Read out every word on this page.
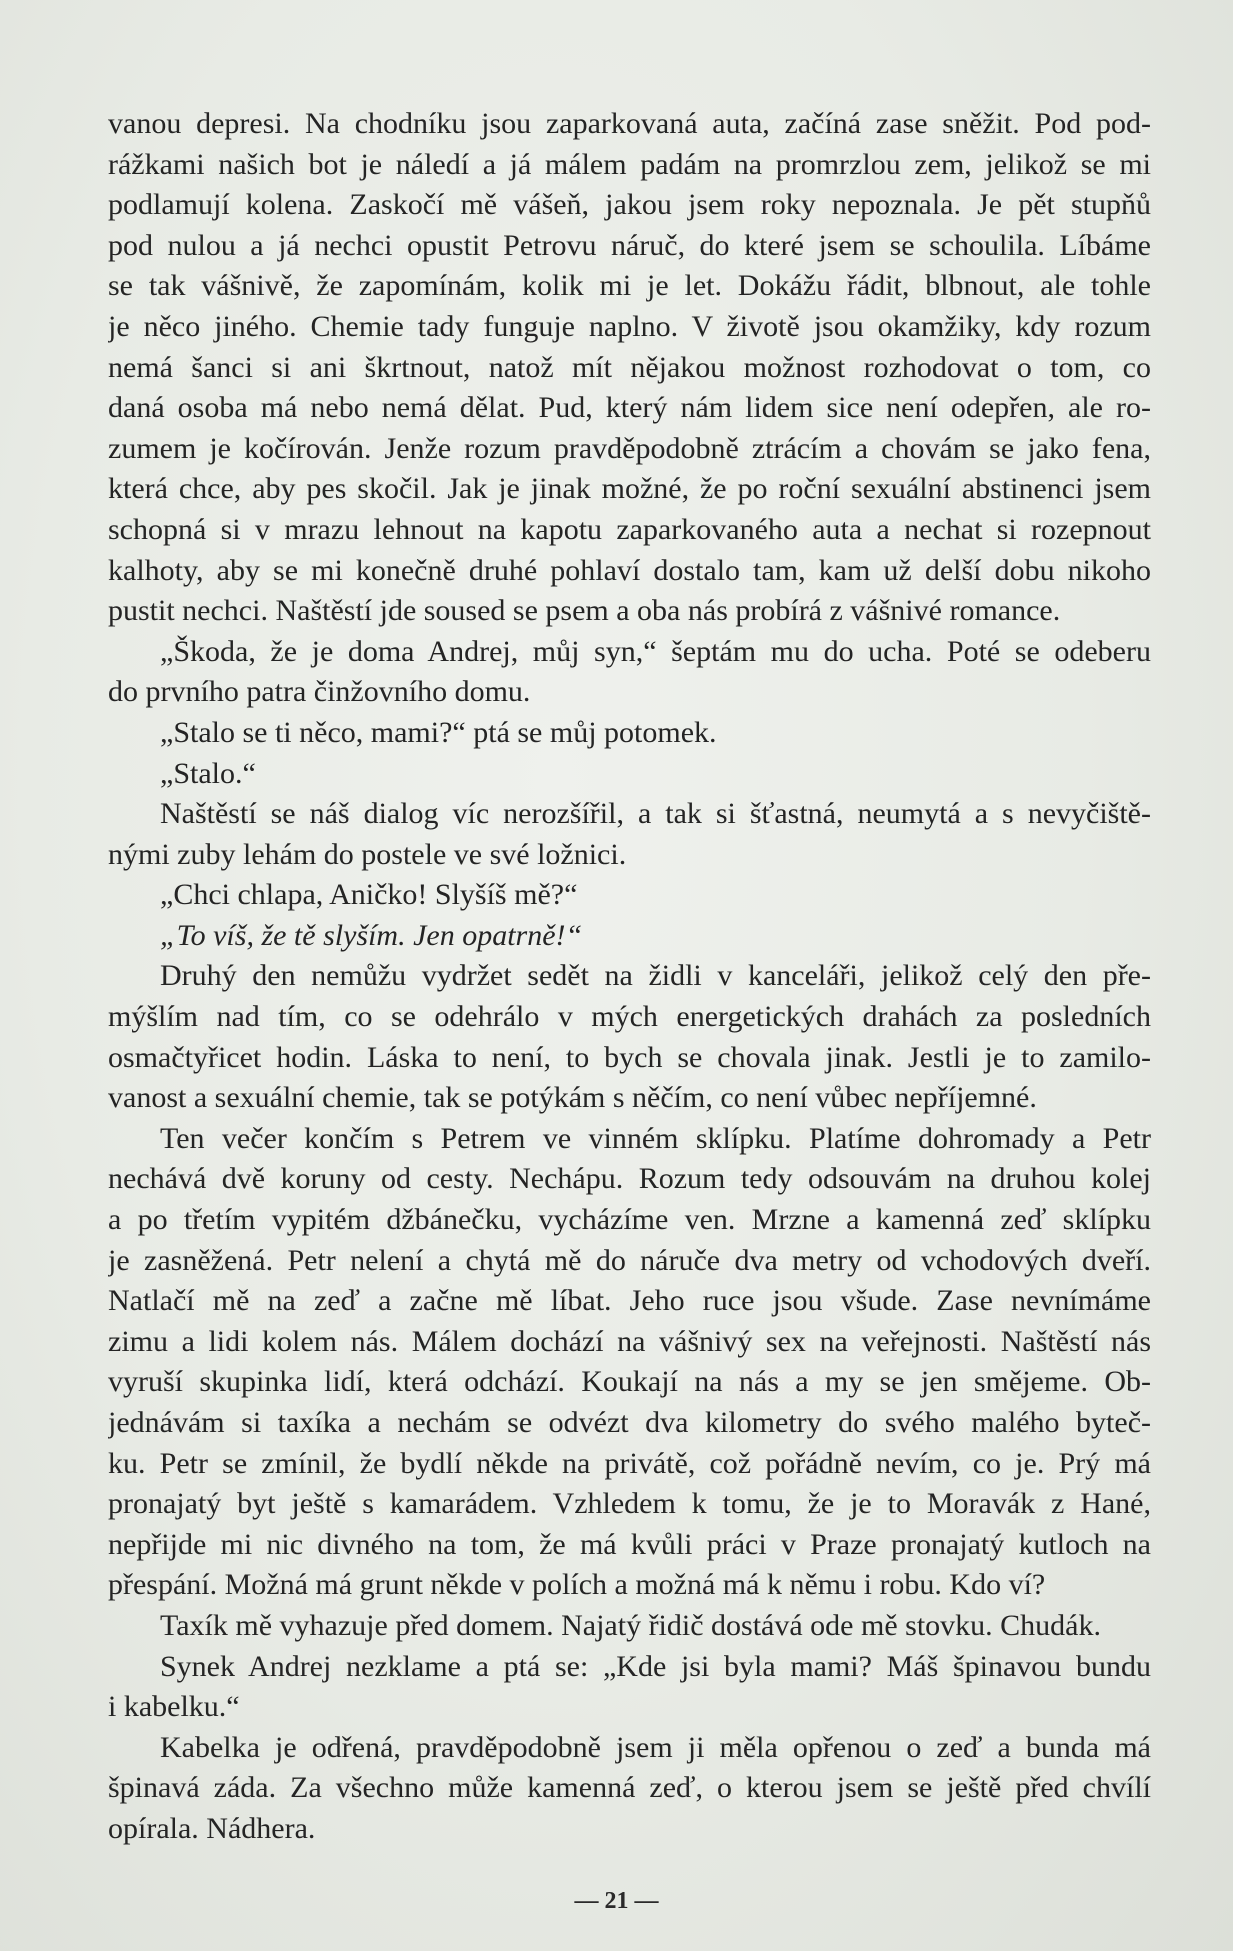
vanou depresi. Na chodníku jsou zaparkovaná auta, začíná zase sněžit. Pod pod-
rážkami našich bot je náledí a já málem padám na promrzlou zem, jelikož se mi
podlamují kolena. Zaskočí mě vášeň, jakou jsem roky nepoznala. Je pět stupňů
pod nulou a já nechci opustit Petrovu náruč, do které jsem se schoulila. Líbáme
se tak vášnivě, že zapomínám, kolik mi je let. Dokážu řádit, blbnout, ale tohle
je něco jiného. Chemie tady funguje naplno. V životě jsou okamžiky, kdy rozum
nemá šanci si ani škrtnout, natož mít nějakou možnost rozhodovat o tom, co
daná osoba má nebo nemá dělat. Pud, který nám lidem sice není odepřen, ale ro-
zumem je kočírován. Jenže rozum pravděpodobně ztrácím a chovám se jako fena,
která chce, aby pes skočil. Jak je jinak možné, že po roční sexuální abstinenci jsem
schopná si v mrazu lehnout na kapotu zaparkovaného auta a nechat si rozepnout
kalhoty, aby se mi konečně druhé pohlaví dostalo tam, kam už delší dobu nikoho
pustit nechci. Naštěstí jde soused se psem a oba nás probírá z vášnivé romance.
„Škoda, že je doma Andrej, můj syn,“ šeptám mu do ucha. Poté se odeberu
do prvního patra činžovního domu.
„Stalo se ti něco, mami?“ ptá se můj potomek.
„Stalo.“
Naštěstí se náš dialog víc nerozšířil, a tak si šťastná, neumytá a s nevyčiště-
nými zuby lehám do postele ve své ložnici.
„Chci chlapa, Aničko! Slyšíš mě?“
„To víš, že tě slyším. Jen opatrně!“
Druhý den nemůžu vydržet sedět na židli v kanceláři, jelikož celý den pře-
mýšlím nad tím, co se odehrálo v mých energetických drahách za posledních
osmačtyřicet hodin. Láska to není, to bych se chovala jinak. Jestli je to zamilo-
vanost a sexuální chemie, tak se potýkám s něčím, co není vůbec nepříjemné.
Ten večer končím s Petrem ve vinném sklípku. Platíme dohromady a Petr
nechává dvě koruny od cesty. Nechápu. Rozum tedy odsouvám na druhou kolej
a po třetím vypitém džbánečku, vycházíme ven. Mrzne a kamenná zeď sklípku
je zasněžená. Petr nelení a chytá mě do náruče dva metry od vchodových dveří.
Natlačí mě na zeď a začne mě líbat. Jeho ruce jsou všude. Zase nevnímáme
zimu a lidi kolem nás. Málem dochází na vášnivý sex na veřejnosti. Naštěstí nás
vyruší skupinka lidí, která odchází. Koukají na nás a my se jen smějeme. Ob-
jednávám si taxíka a nechám se odvézt dva kilometry do svého malého byteč-
ku. Petr se zmínil, že bydlí někde na privátě, což pořádně nevím, co je. Prý má
pronajatý byt ještě s kamarádem. Vzhledem k tomu, že je to Moravák z Hané,
nepřijde mi nic divného na tom, že má kvůli práci v Praze pronajatý kutloch na
přespání. Možná má grunt někde v polích a možná má k němu i robu. Kdo ví?
Taxík mě vyhazuje před domem. Najatý řidič dostává ode mě stovku. Chudák.
Synek Andrej nezklame a ptá se: „Kde jsi byla mami? Máš špinavou bundu
i kabelku.“
Kabelka je odřená, pravděpodobně jsem ji měla opřenou o zeď a bunda má
špinavá záda. Za všechno může kamenná zeď, o kterou jsem se ještě před chvílí
opírala. Nádhera.
— 21 —
